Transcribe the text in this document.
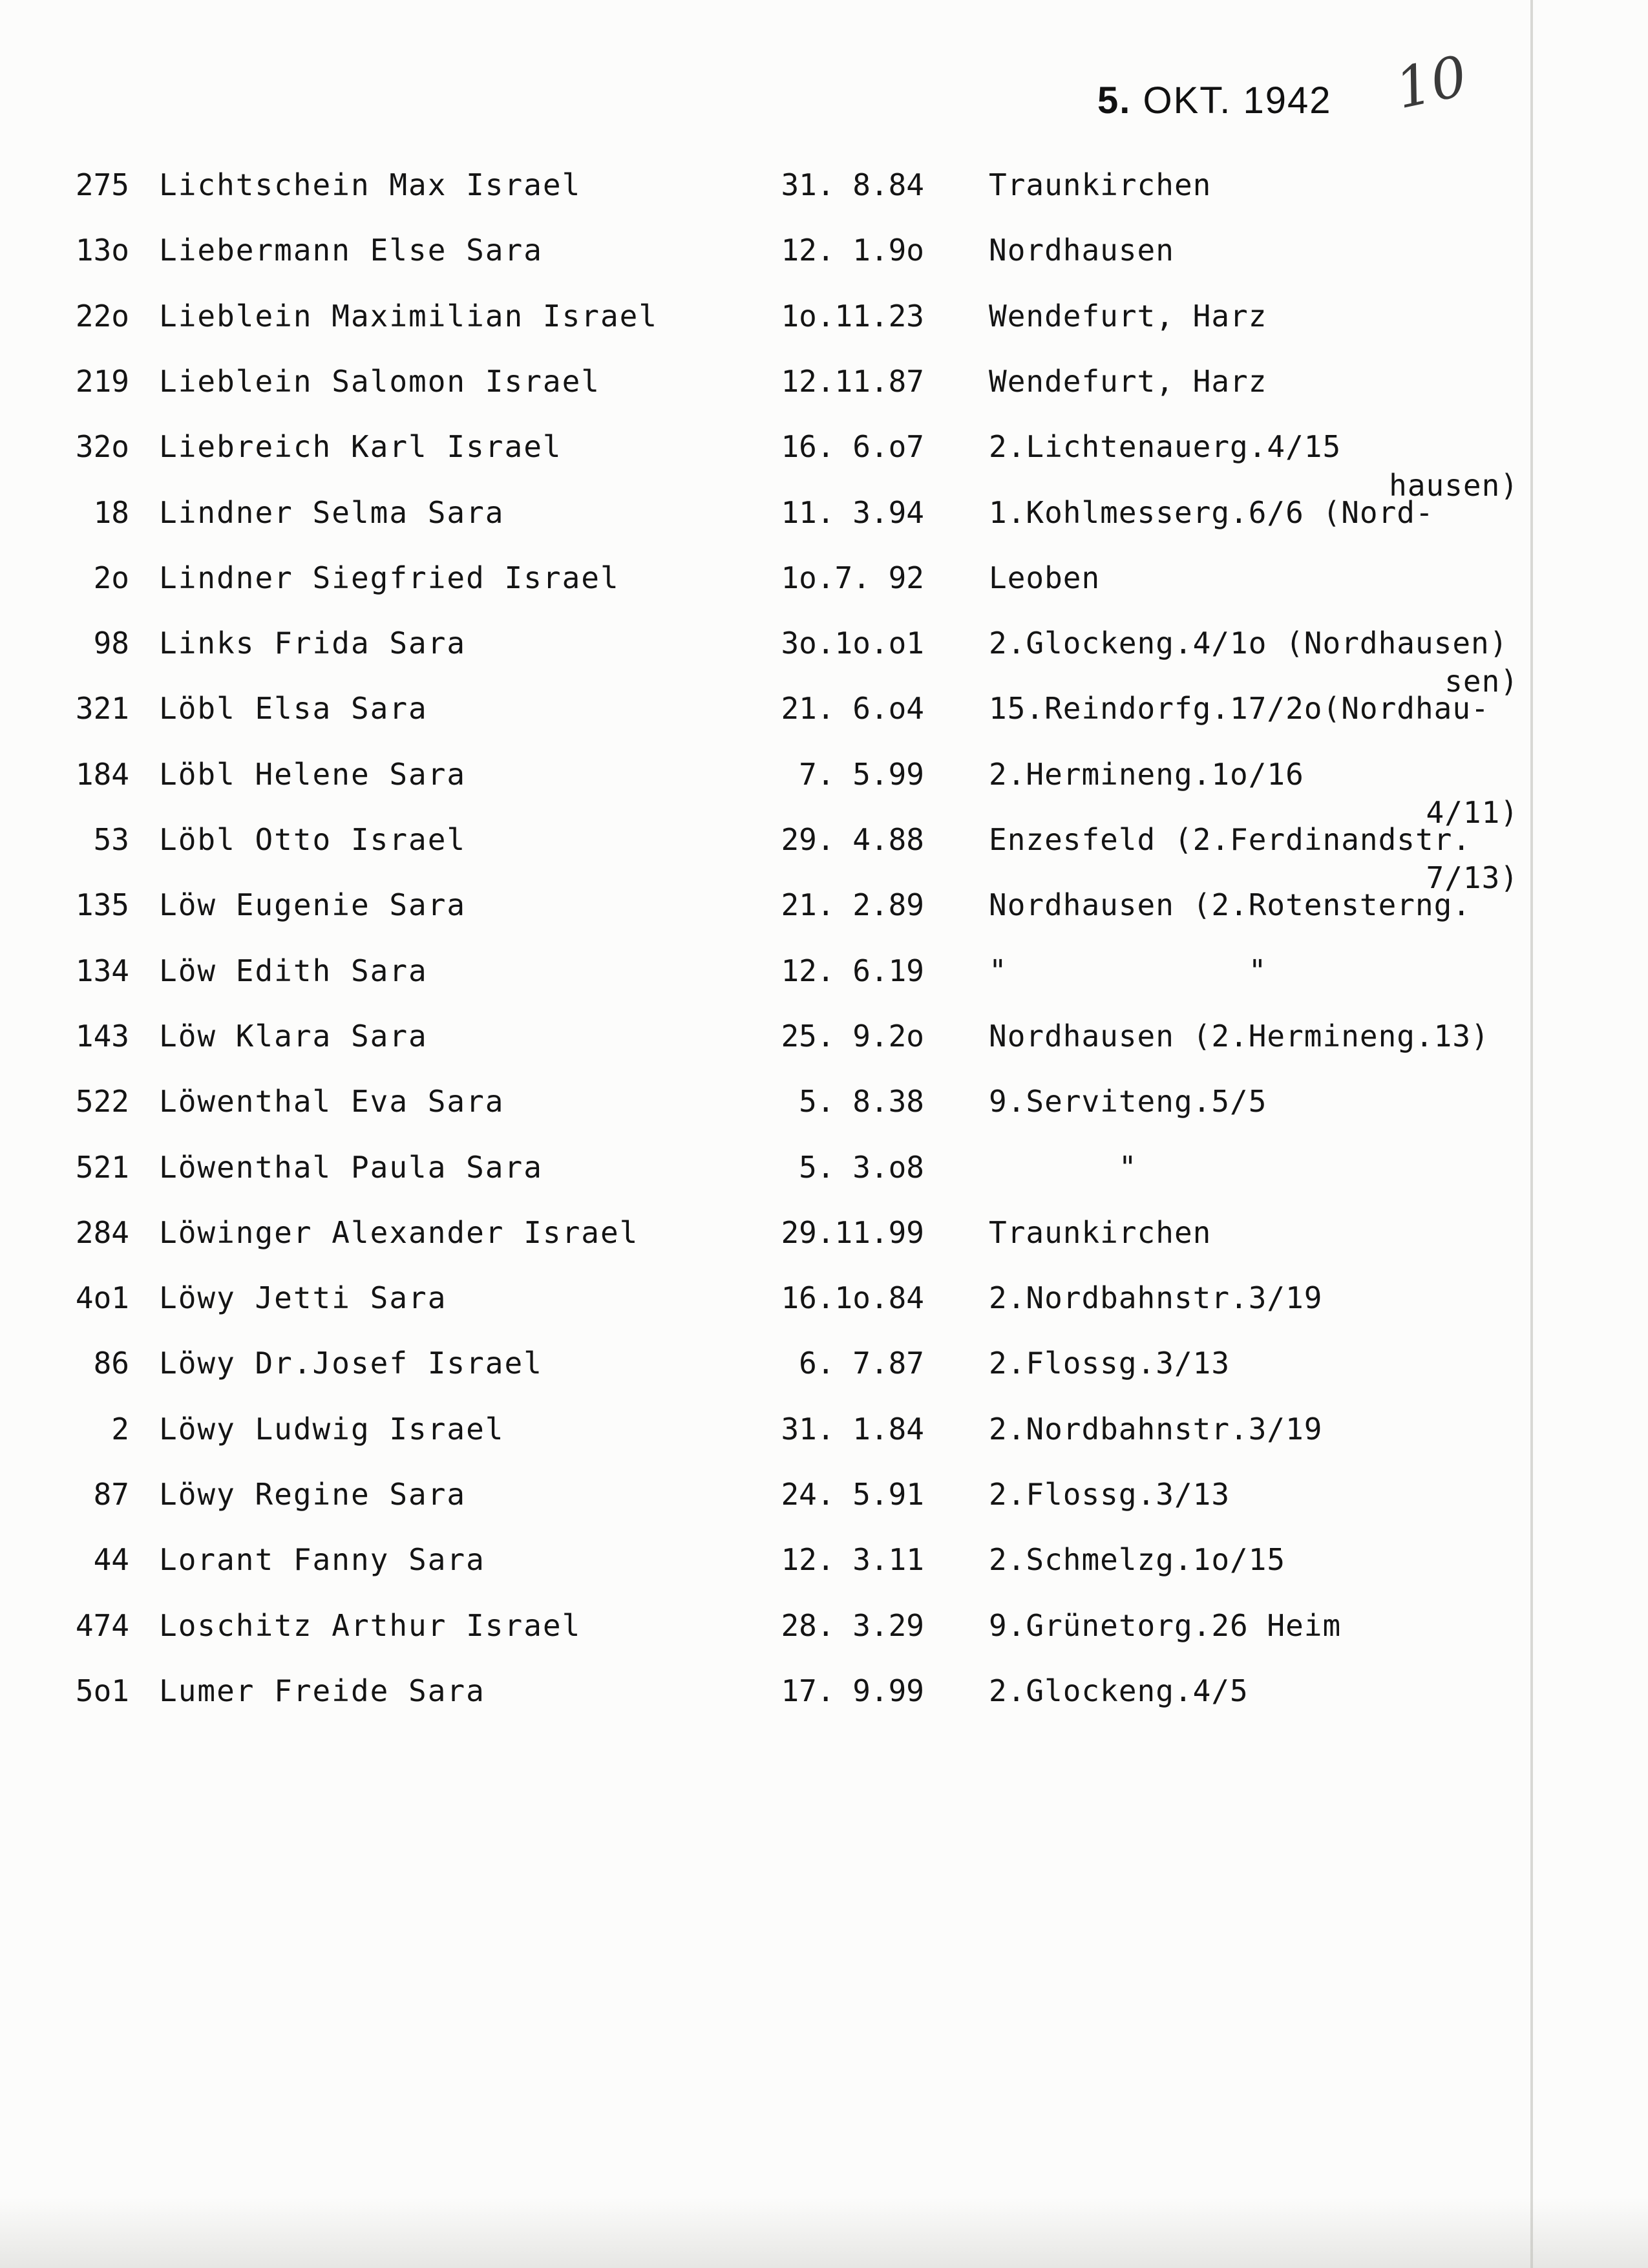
5. OKT. 1942 10
275 Lichtschein Max Israel	31. 8.84 Traunkirchen
13o Liebermann Else Sara	12. 1.9o Nordhausen
22o Lieblein Maximilian Israel	1o.11.23 Wendefurt, Harz
219 Lieblein Salomon Israel	12.11.87 Wendefurt, Harz
32o Liebreich Karl Israel	16. 6.o7 2.Lichtenauerg.4/15
18 Lindner Selma Sara	11. 3.94 1.Kohlmesserg.6/6 (Nord-
hausen)
2o Lindner Siegfried Israel	1o.7. 92 Leoben
98 Links Frida Sara	3o.1o.o1 2.Glockeng.4/1o (Nordhausen)
321 Löbl Elsa Sara	21. 6.o4 15.Reindorfg.17/2o(Nordhau-
sen)
184 Löbl Helene Sara	7. 5.99 2.Hermineng.1o/16
53 Löbl Otto Israel	29. 4.88 Enzesfeld (2.Ferdinandstr.
4/11)
135 Löw Eugenie Sara	21. 2.89 Nordhausen (2.Rotensterng.
7/13)
134 Löw Edith Sara	12. 6.19 "             "
143 Löw Klara Sara	25. 9.2o Nordhausen (2.Hermineng.13)
522 Löwenthal Eva Sara	5. 8.38 9.Serviteng.5/5
521 Löwenthal Paula Sara	5. 3.o8 "
284 Löwinger Alexander Israel	29.11.99 Traunkirchen
4o1 Löwy Jetti Sara	16.1o.84 2.Nordbahnstr.3/19
86 Löwy Dr.Josef Israel	6. 7.87 2.Flossg.3/13
2 Löwy Ludwig Israel	31. 1.84 2.Nordbahnstr.3/19
87 Löwy Regine Sara	24. 5.91 2.Flossg.3/13
44 Lorant Fanny Sara	12. 3.11 2.Schmelzg.1o/15
474 Loschitz Arthur Israel	28. 3.29 9.Grünetorg.26 Heim
5o1 Lumer Freide Sara	17. 9.99 2.Glockeng.4/5
